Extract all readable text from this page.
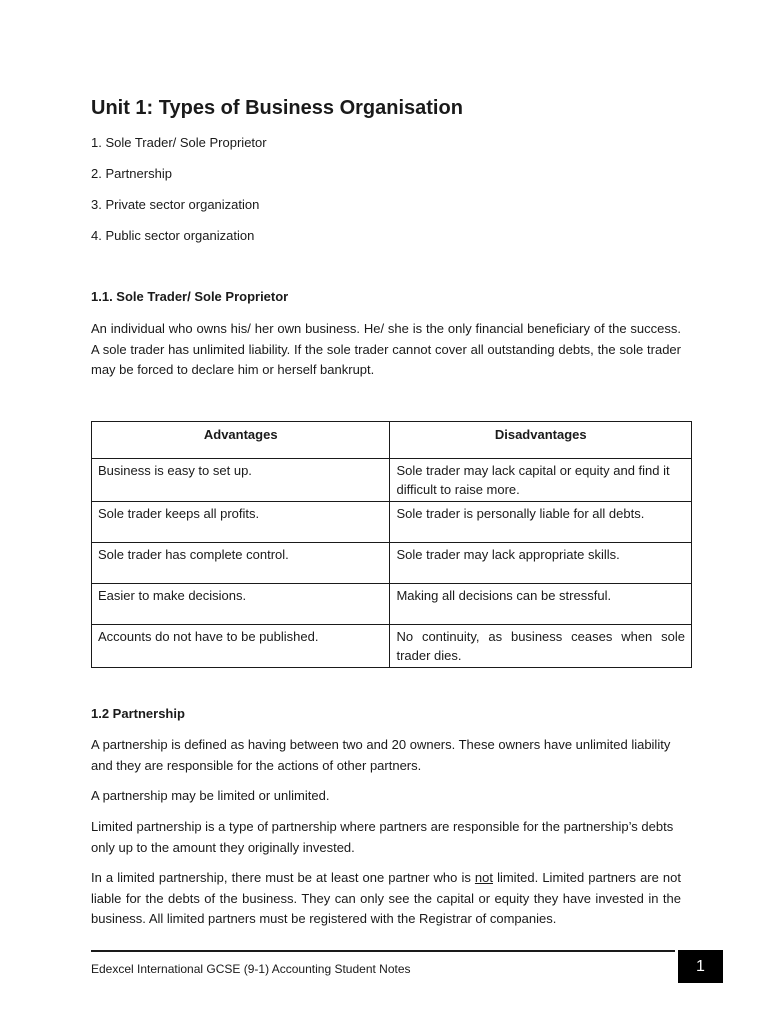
Unit 1: Types of Business Organisation
1. Sole Trader/ Sole Proprietor
2. Partnership
3. Private sector organization
4. Public sector organization
1.1. Sole Trader/ Sole Proprietor

An individual who owns his/ her own business. He/ she is the only financial beneficiary of the success. A sole trader has unlimited liability. If the sole trader cannot cover all outstanding debts, the sole trader may be forced to declare him or herself bankrupt.

Advantages	Disadvantages
Business is easy to set up.	Sole trader may lack capital or equity and find it difficult to raise more.
Sole trader keeps all profits.	Sole trader is personally liable for all debts.
Sole trader has complete control.	Sole trader may lack appropriate skills.
Easier to make decisions.	Making all decisions can be stressful.
Accounts do not have to be published.	No continuity, as business ceases when sole trader dies.
1.2 Partnership

A partnership is defined as having between two and 20 owners. These owners have unlimited liability and they are responsible for the actions of other partners.

A partnership may be limited or unlimited.

Limited partnership is a type of partnership where partners are responsible for the partnership’s debts only up to the amount they originally invested.

In a limited partnership, there must be at least one partner who is not limited. Limited partners are not liable for the debts of the business. They can only see the capital or equity they have invested in the business. All limited partners must be registered with the Registrar of companies.

Edexcel International GCSE (9-1) Accounting Student Notes	1
